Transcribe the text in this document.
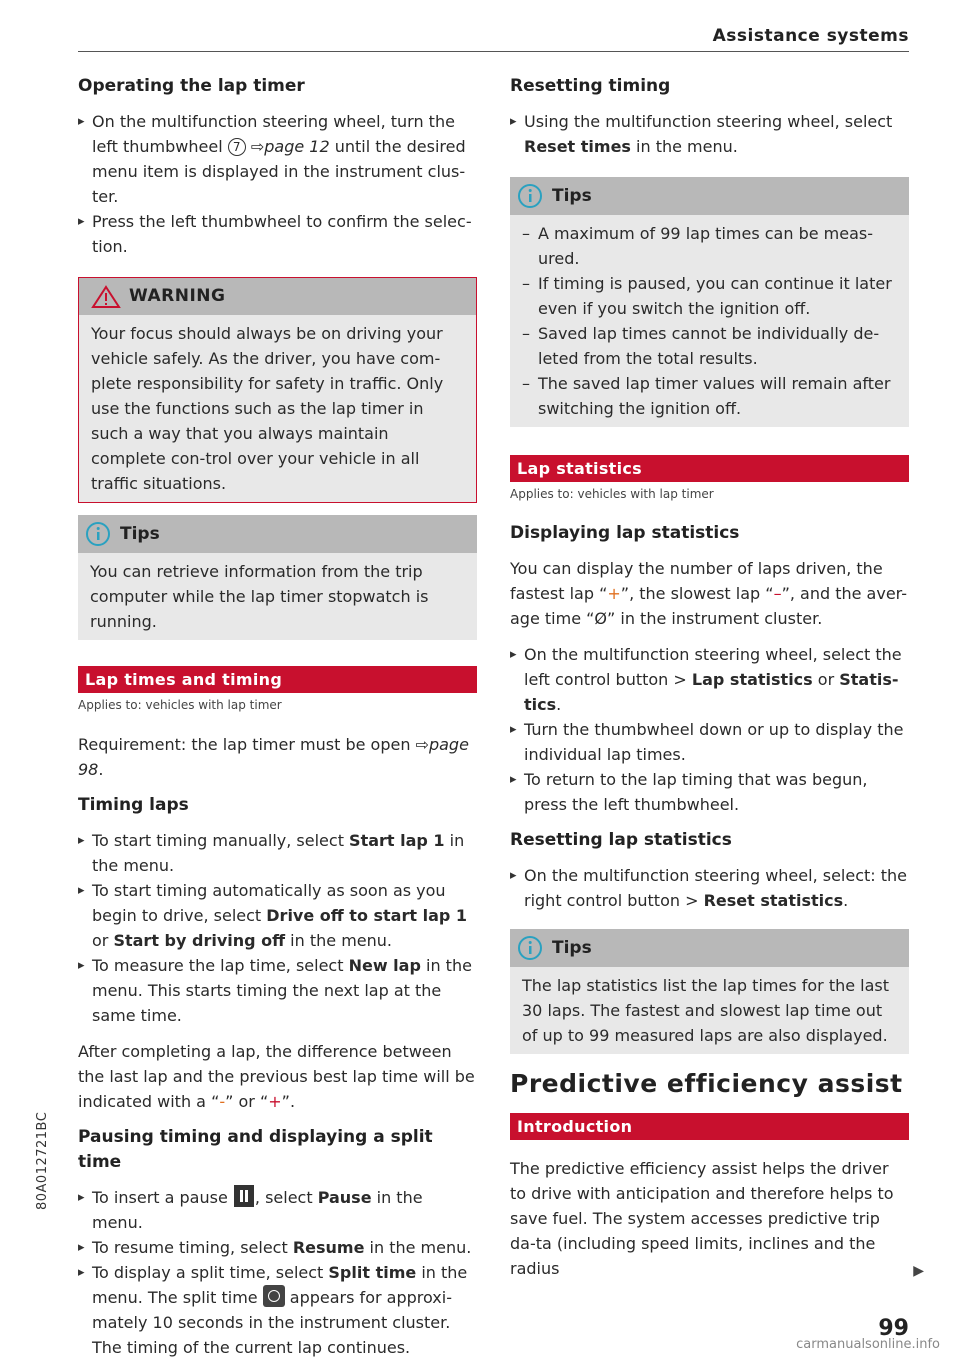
Assistance systems
Operating the lap timer

▸ On the multifunction steering wheel, turn the left thumbwheel 7 ⇨page 12 until the desired menu item is displayed in the instrument clus-ter.

▸ Press the left thumbwheel to confirm the selec-tion.

WARNING
Your focus should always be on driving your vehicle safely. As the driver, you have com-plete responsibility for safety in traffic. Only use the functions such as the lap timer in such a way that you always maintain complete con-trol over your vehicle in all traffic situations.
Tips
You can retrieve information from the trip computer while the lap timer stopwatch is running.
Lap times and timing
Applies to: vehicles with lap timer

Requirement: the lap timer must be open ⇨page 98.

Timing laps

▸ To start timing manually, select Start lap 1 in the menu.

▸ To start timing automatically as soon as you begin to drive, select Drive off to start lap 1 or Start by driving off in the menu.

▸ To measure the lap time, select New lap in the menu. This starts timing the next lap at the same time.

After completing a lap, the difference between the last lap and the previous best lap time will be indicated with a “-” or “+”.

Pausing timing and displaying a split time

▸ To insert a pause , select Pause in the menu.

▸ To resume timing, select Resume in the menu.

▸ To display a split time, select Split time in the menu. The split time  appears for approxi-mately 10 seconds in the instrument cluster. The timing of the current lap continues.

Resetting timing

▸ Using the multifunction steering wheel, select Reset times in the menu.

Tips
– A maximum of 99 lap times can be meas-ured.
– If timing is paused, you can continue it later even if you switch the ignition off.
– Saved lap times cannot be individually de-leted from the total results.
– The saved lap timer values will remain after switching the ignition off.
Lap statistics
Applies to: vehicles with lap timer
Displaying lap statistics

You can display the number of laps driven, the fastest lap “+”, the slowest lap “–”, and the aver-age time “Ø” in the instrument cluster.

▸ On the multifunction steering wheel, select the left control button > Lap statistics or Statis-tics.

▸ Turn the thumbwheel down or up to display the individual lap times.

▸ To return to the lap timing that was begun, press the left thumbwheel.

Resetting lap statistics

▸ On the multifunction steering wheel, select: the right control button > Reset statistics.

Tips
The lap statistics list the lap times for the last 30 laps. The fastest and slowest lap time out of up to 99 measured laps are also displayed.
Predictive efficiency assist
Introduction

The predictive efficiency assist helps the driver to drive with anticipation and therefore helps to save fuel. The system accesses predictive trip da-ta (including speed limits, inclines and the radius	▶
80A012721BC
99
carmanualsonline.info
